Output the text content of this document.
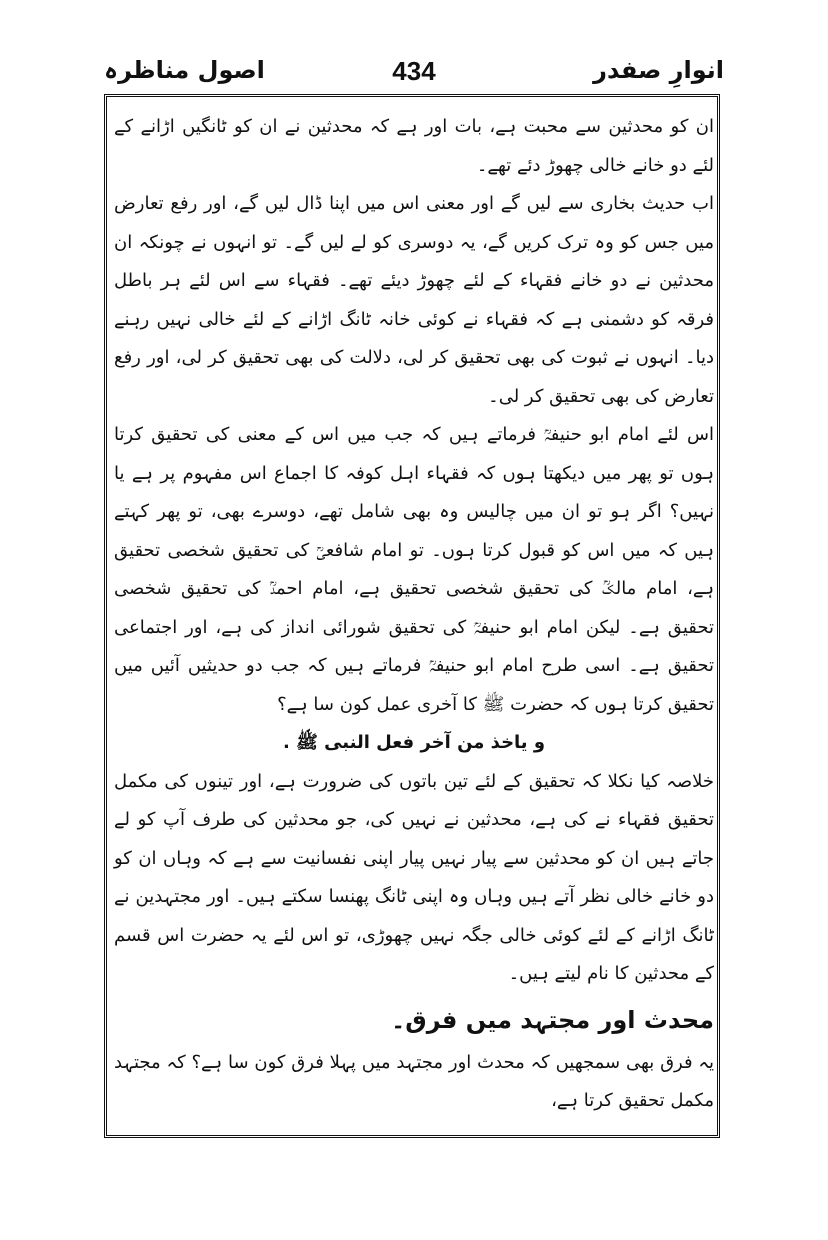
انوارِ صفدر
434
اصول مناظرہ

ان کو محدثین سے محبت ہے، بات اور ہے کہ محدثین نے ان کو ٹانگیں اڑانے کے لئے دو خانے خالی چھوڑ دئے تھے۔

اب حدیث بخاری سے لیں گے اور معنی اس میں اپنا ڈال لیں گے، اور رفع تعارض میں جس کو وہ ترک کریں گے، یہ دوسری کو لے لیں گے۔ تو انہوں نے چونکہ ان محدثین نے دو خانے فقہاء کے لئے چھوڑ دیئے تھے۔ فقہاء سے اس لئے ہر باطل فرقہ کو دشمنی ہے کہ فقہاء نے کوئی خانہ ٹانگ اڑانے کے لئے خالی نہیں رہنے دیا۔ انہوں نے ثبوت کی بھی تحقیق کر لی، دلالت کی بھی تحقیق کر لی، اور رفع تعارض کی بھی تحقیق کر لی۔

اس لئے امام ابو حنیفہؒ فرماتے ہیں کہ جب میں اس کے معنی کی تحقیق کرتا ہوں تو پھر میں دیکھتا ہوں کہ فقہاء اہل کوفہ کا اجماع اس مفہوم پر ہے یا نہیں؟ اگر ہو تو ان میں چالیس وہ بھی شامل تھے، دوسرے بھی، تو پھر کہتے ہیں کہ میں اس کو قبول کرتا ہوں۔ تو امام شافعیؒ کی تحقیق شخصی تحقیق ہے، امام مالکؒ کی تحقیق شخصی تحقیق ہے، امام احمدؒ کی تحقیق شخصی تحقیق ہے۔ لیکن امام ابو حنیفہؒ کی تحقیق شورائی انداز کی ہے، اور اجتماعی تحقیق ہے۔ اسی طرح امام ابو حنیفہؒ فرماتے ہیں کہ جب دو حدیثیں آئیں میں تحقیق کرتا ہوں کہ حضرت ﷺ کا آخری عمل کون سا ہے؟

و یاخذ من آخر فعل النبی ﷺ .

خلاصہ کیا نکلا کہ تحقیق کے لئے تین باتوں کی ضرورت ہے، اور تینوں کی مکمل تحقیق فقہاء نے کی ہے، محدثین نے نہیں کی، جو محدثین کی طرف آپ کو لے جاتے ہیں ان کو محدثین سے پیار نہیں پیار اپنی نفسانیت سے ہے کہ وہاں ان کو دو خانے خالی نظر آتے ہیں وہاں وہ اپنی ٹانگ پھنسا سکتے ہیں۔ اور مجتہدین نے ٹانگ اڑانے کے لئے کوئی خالی جگہ نہیں چھوڑی، تو اس لئے یہ حضرت اس قسم کے محدثین کا نام لیتے ہیں۔

محدث اور مجتہد میں فرق۔

یہ فرق بھی سمجھیں کہ محدث اور مجتہد میں پہلا فرق کون سا ہے؟ کہ مجتہد مکمل تحقیق کرتا ہے،
